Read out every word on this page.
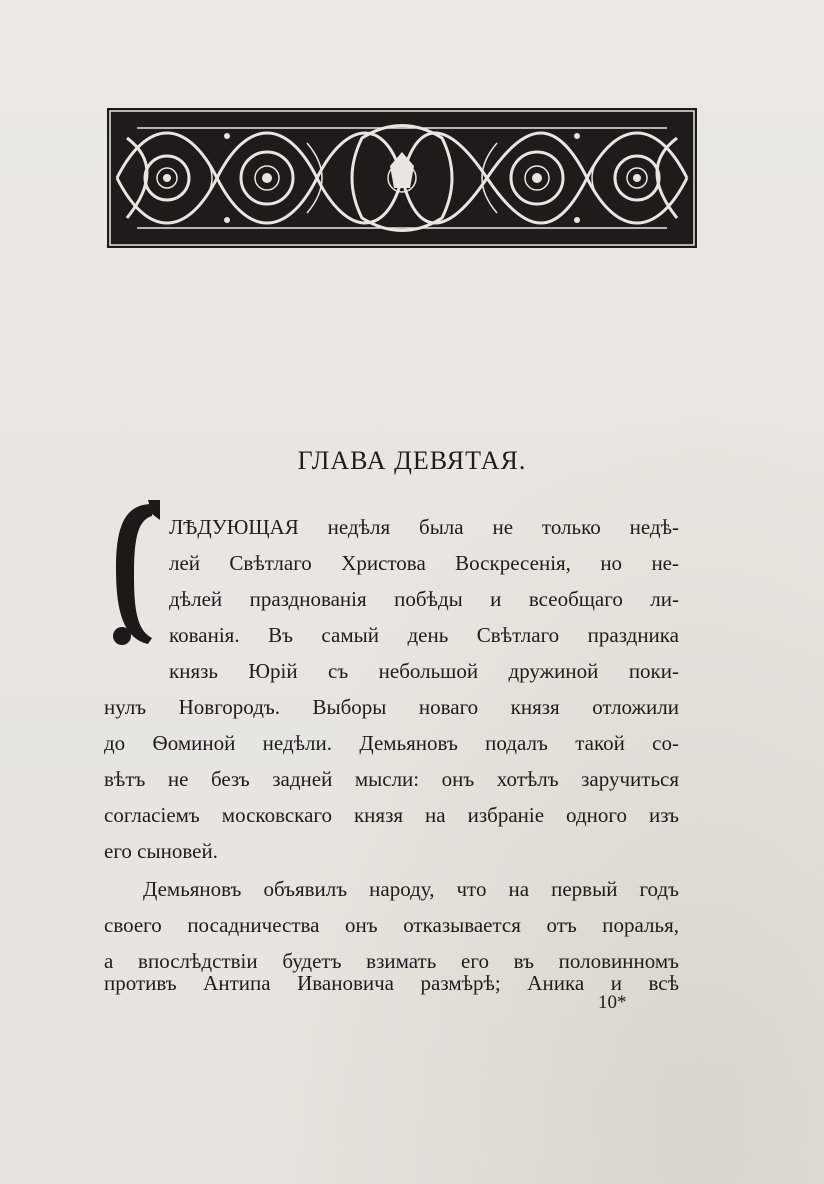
ГЛАВА ДЕВЯТАЯ.
ЛѢДУЮЩАЯ недѣля была не только недѣ-
лей Свѣтлаго Христова Воскресенія, но не-
дѣлей празднованія побѣды и всеобщаго ли-
кованія. Въ самый день Свѣтлаго праздника
князь Юрій съ небольшой дружиной поки-
нулъ Новгородъ. Выборы новаго князя отложили
до Ѳоминой недѣли. Демьяновъ подалъ такой со-
вѣтъ не безъ задней мысли: онъ хотѣлъ заручиться
согласіемъ московскаго князя на избраніе одного изъ
его сыновей.
Демьяновъ объявилъ народу, что на первый годъ
своего посадничества онъ отказывается отъ поралья,
а впослѣдствіи будетъ взимать его въ половинномъ
противъ Антипа Ивановича размѣрѣ; Аника и всѣ
10*
